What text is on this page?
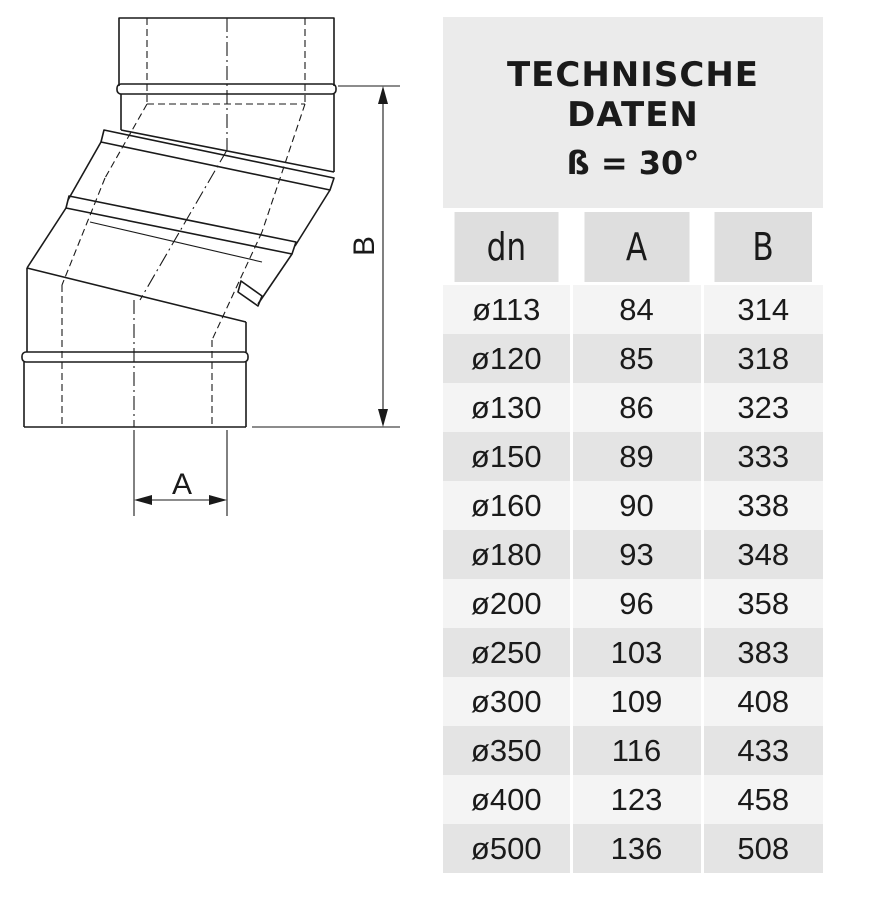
B
A
TECHNISCHE
DATEN
ß = 30°
dn	A	B
ø113	84	314
ø120	85	318
ø130	86	323
ø150	89	333
ø160	90	338
ø180	93	348
ø200	96	358
ø250	103	383
ø300	109	408
ø350	116	433
ø400	123	458
ø500	136	508
